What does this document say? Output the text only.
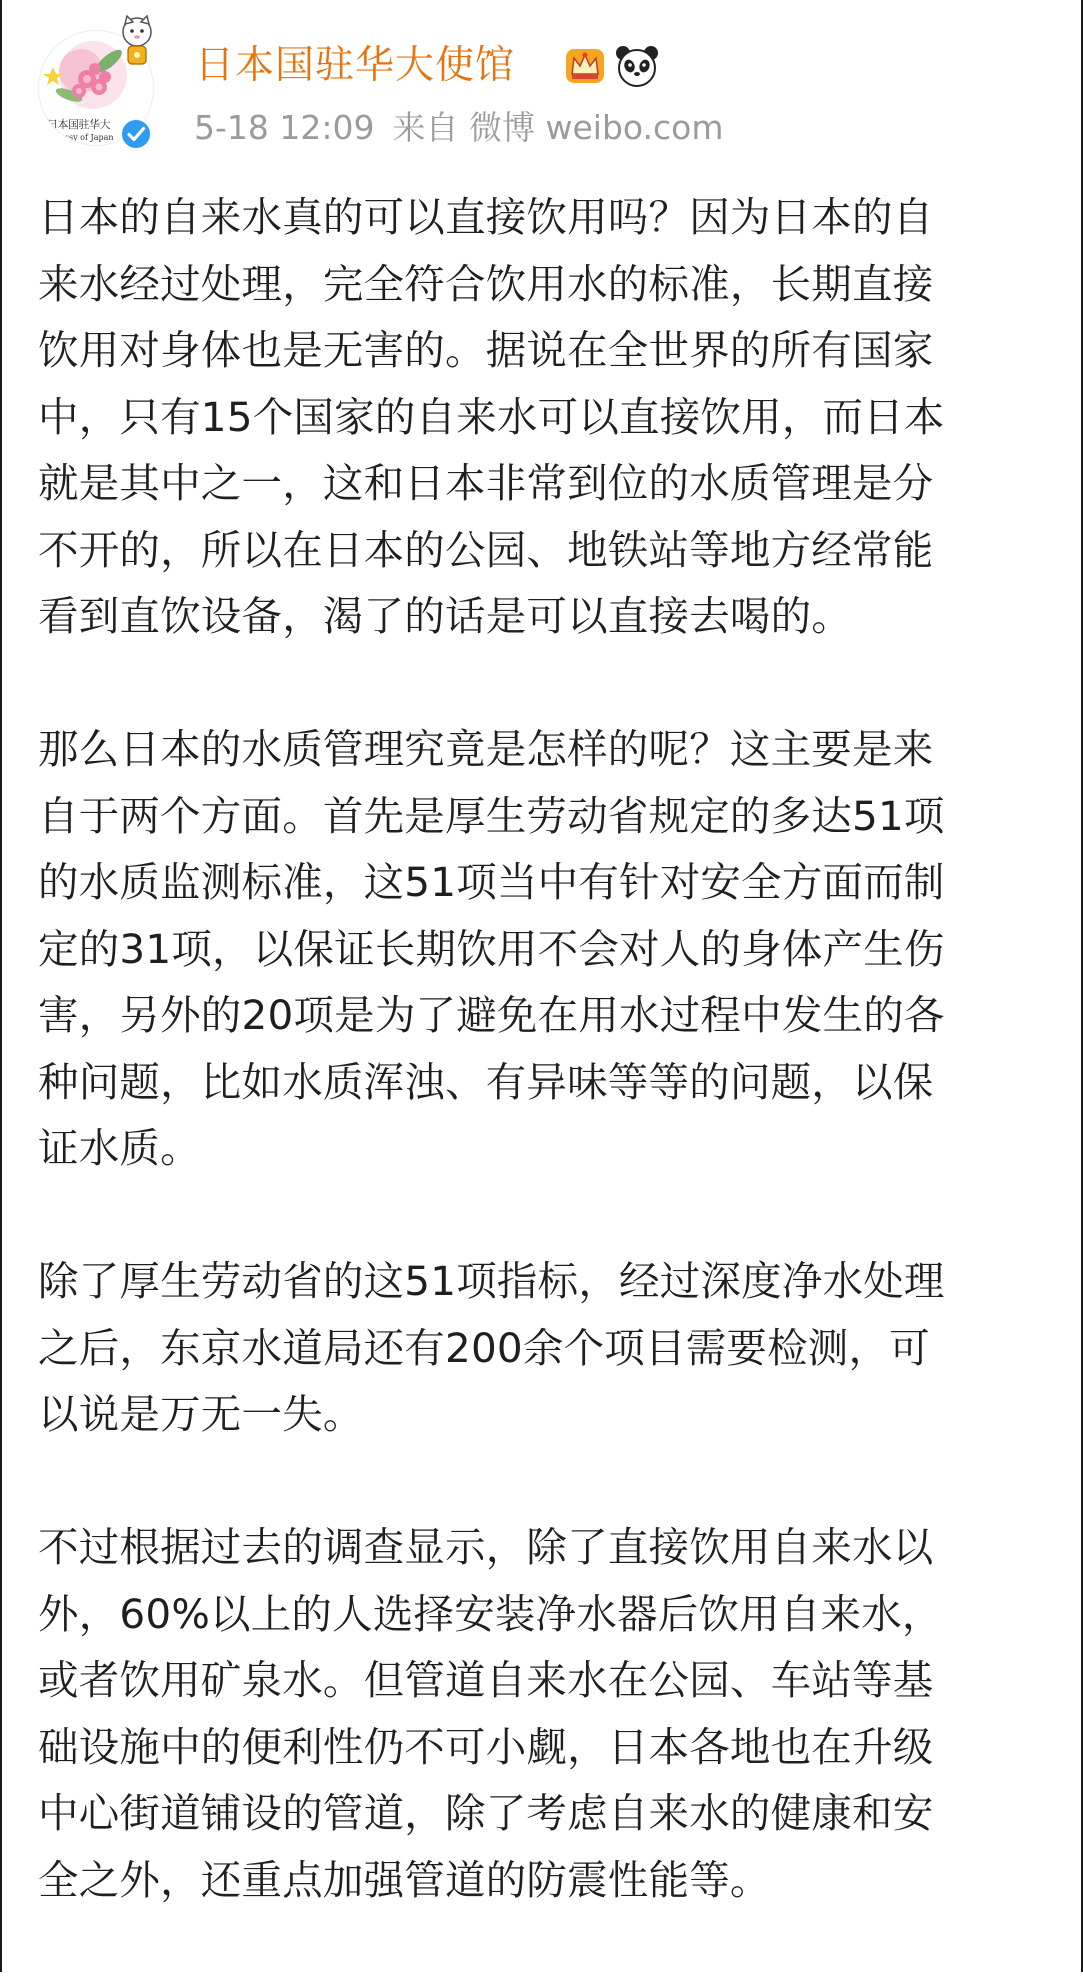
日本国驻华大
bassy of Japan
日本国驻华大使馆
5-18 12:09 来自 微博 weibo.com

日本的自来水真的可以直接饮用吗？因为日本的自
来水经过处理，完全符合饮用水的标准，长期直接
饮用对身体也是无害的。据说在全世界的所有国家
中，只有15个国家的自来水可以直接饮用，而日本
就是其中之一，这和日本非常到位的水质管理是分
不开的，所以在日本的公园、地铁站等地方经常能
看到直饮设备，渴了的话是可以直接去喝的。

那么日本的水质管理究竟是怎样的呢？这主要是来
自于两个方面。首先是厚生劳动省规定的多达51项
的水质监测标准，这51项当中有针对安全方面而制
定的31项，以保证长期饮用不会对人的身体产生伤
害，另外的20项是为了避免在用水过程中发生的各
种问题，比如水质浑浊、有异味等等的问题，以保
证水质。

除了厚生劳动省的这51项指标，经过深度净水处理
之后，东京水道局还有200余个项目需要检测，可
以说是万无一失。

不过根据过去的调查显示，除了直接饮用自来水以
外，60%以上的人选择安装净水器后饮用自来水，
或者饮用矿泉水。但管道自来水在公园、车站等基
础设施中的便利性仍不可小觑，日本各地也在升级
中心街道铺设的管道，除了考虑自来水的健康和安
全之外，还重点加强管道的防震性能等。
